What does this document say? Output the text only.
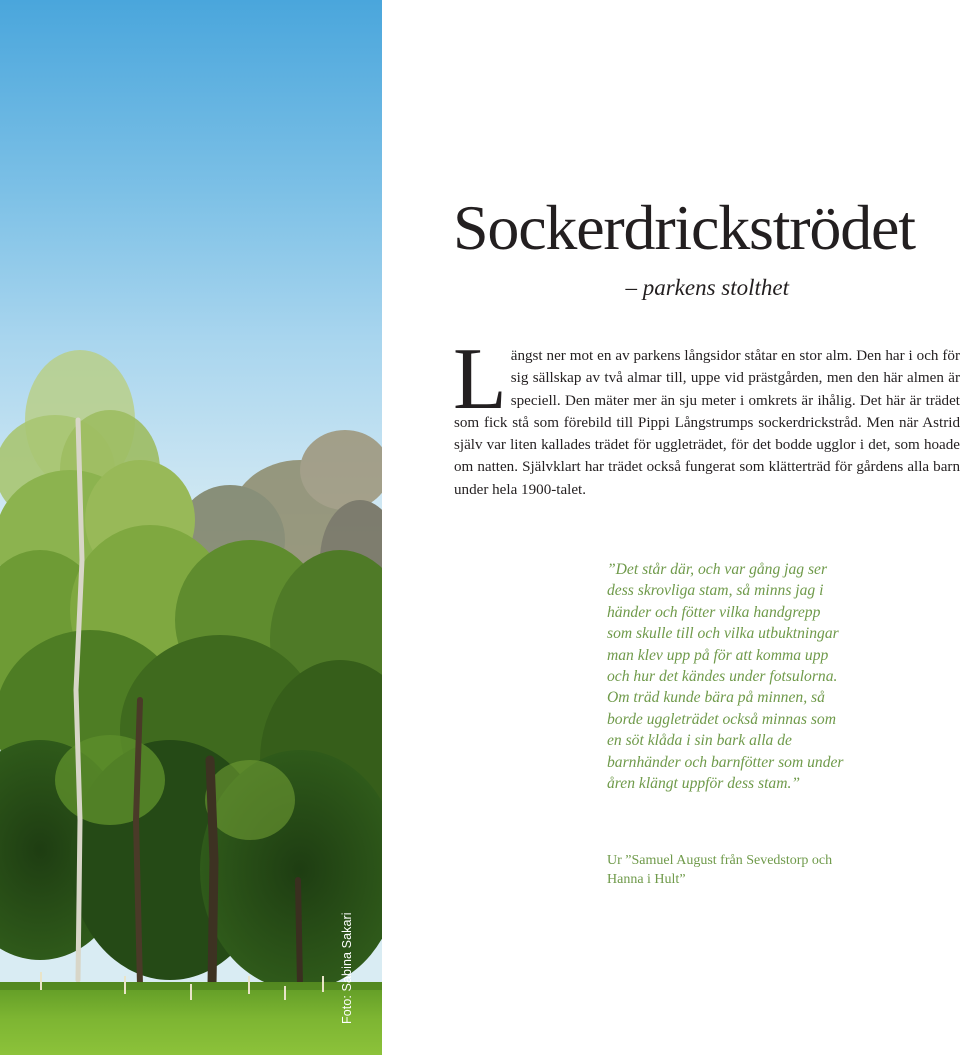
Foto: Sabina Sakari
Sockerdrickströdet

– parkens stolthet

Längst ner mot en av parkens långsidor ståtar en stor alm. Den har i och för sig sällskap av två almar till, uppe vid prästgården, men den här almen är speciell. Den mäter mer än sju meter i omkrets är ihålig. Det här är trädet som fick stå som förebild till Pippi Långstrumps sockerdrickstråd. Men när Astrid själv var liten kallades trädet för uggleträdet, för det bodde ugglor i det, som hoade om natten. Självklart har trädet också fungerat som klätterträd för gårdens alla barn under hela 1900-talet.

”Det står där, och var gång jag ser dess skrovliga stam, så minns jag i händer och fötter vilka handgrepp som skulle till och vilka utbuktningar man klev upp på för att komma upp och hur det kändes under fotsulorna. Om träd kunde bära på minnen, så borde uggleträdet också minnas som en söt klåda i sin bark alla de barnhänder och barnfötter som under åren klängt uppför dess stam.”

Ur ”Samuel August från Sevedstorp och Hanna i Hult”
